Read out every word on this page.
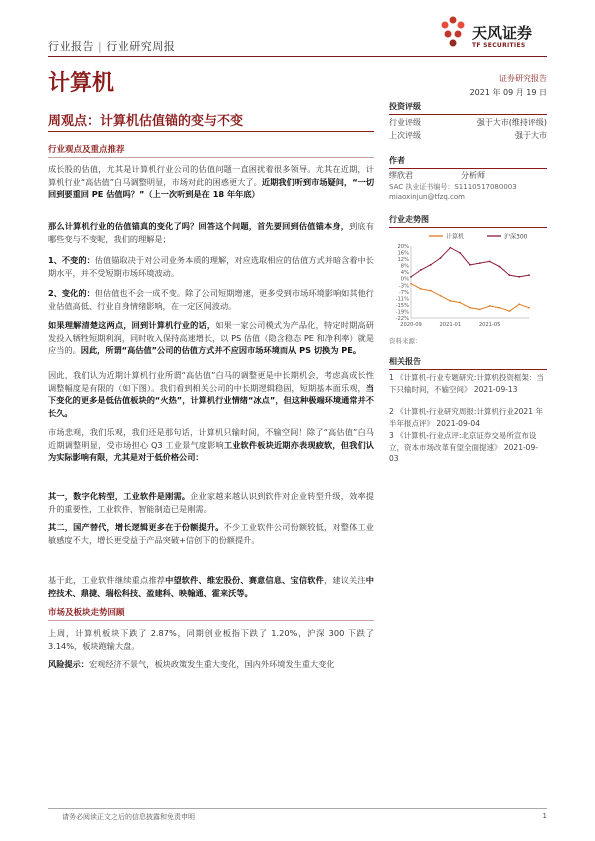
行业报告 | 行业研究周报
天风证券
TF SECURITIES
计算机	证券研究报告
2021 年 09 月 19 日
周观点：计算机估值锚的变与不变
投资评级
行业评级	强于大市(维持评级)
上次评级	强于大市
作者
缪欣君	分析师
SAC 执业证书编号：S1110517080003
miaoxinjun@tfzq.com
行业走势图
计算机	沪深300
20%
16%
12%
8%
4%
0%
-3%
-7%
-11%
-15%
-19%
-22%
2020-09	2021-01	2021-05
资料来源：
相关报告
1 《计算机-行业专题研究:计算机投资框架：当下只输时间，不输空间》 2021-09-13
2 《计算机-行业研究周报:计算机行业2021 年半年报点评》 2021-09-04
3 《计算机-行业点评:北京证券交易所宣布设立，资本市场改革有望全面提速》 2021-09-03
行业观点及重点推荐
成长股的估值，尤其是计算机行业公司的估值问题一直困扰着很多领导。尤其在近期，计算机行业“高估值”白马调整明显，市场对此的困惑更大了。近期我们听到市场疑问，“一切回到要重回 PE 估值吗？”（上一次听到是在 18 年年底）
那么计算机行业的估值锚真的变化了吗？回答这个问题，首先要回到估值锚本身，到底有哪些变与不变呢，我们的理解是；
1、不变的：估值锚取决于对公司业务本质的理解，对应选取相应的估值方式并暗含着中长期水平，并不受短期市场环境波动。
2、变化的：但估值也不会一成不变。除了公司短期增速，更多受到市场环境影响如其他行业估值高低、行业自身情绪影响，在一定区间波动。
如果理解清楚这两点，回到计算机行业的话，如果一家公司模式为产品化，特定时期高研发投入牺牲短期利润，同时收入保持高速增长，以 PS 估值（隐含稳态 PE 和净利率）就是应当的。因此，所谓“高估值”公司的估值方式并不应因市场环境而从 PS 切换为 PE。
因此，我们认为近期计算机行业所谓“高估值”白马的调整更是中长期机会，考虑高成长性调整幅度是有限的（如下图）。我们看到相关公司的中长期逻辑稳固，短期基本面乐观，当下变化的更多是低估值板块的“火热”，计算机行业情绪“冰点”，但这种极端环境通常并不长久。
市场悲观，我们乐观，我们还是那句话，计算机只输时间，不输空间！除了“高估值”白马近期调整明显，受市场担心 Q3 工业景气度影响工业软件板块近期亦表现疲软，但我们认为实际影响有限，尤其是对于低价格公司：
其一，数字化转型，工业软件是刚需。企业家越来越认识到软件对企业转型升级，效率提升的重要性，工业软件、智能制造已是刚需。
其二，国产替代，增长逻辑更多在于份额提升。不少工业软件公司份额较低，对整体工业敏感度不大，增长更受益于产品突破+信创下的份额提升。
基于此，工业软件继续重点推荐中望软件、维宏股份、赛意信息、宝信软件，建议关注中控技术、鼎捷、瑞松科技、盈建科、映翰通、霍来沃等。
市场及板块走势回顾
上周，计算机板块下跌了 2.87%，同期创业板指下跌了 1.20%，沪深 300 下跌了 3.14%，板块跑输大盘。
风险提示：宏观经济不景气，板块政策发生重大变化，国内外环境发生重大变化
请务必阅读正文之后的信息披露和免责申明	1
